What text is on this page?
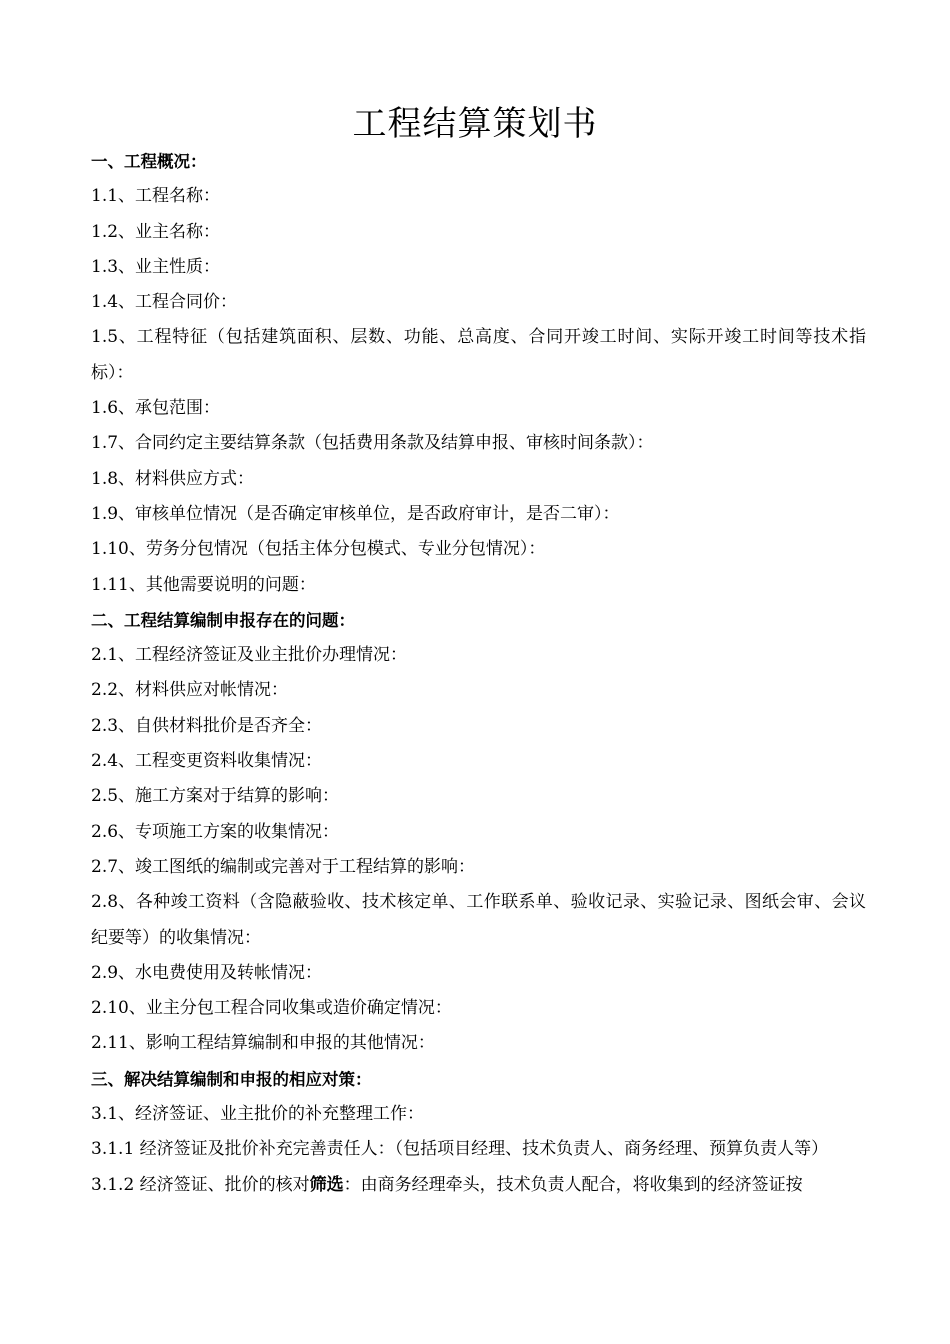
工程结算策划书

一、工程概况：

1.1、工程名称：

1.2、业主名称：

1.3、业主性质：

1.4、工程合同价：

1.5、工程特征（包括建筑面积、层数、功能、总高度、合同开竣工时间、实际开竣工时间等技术指标）：

1.6、承包范围：

1.7、合同约定主要结算条款（包括费用条款及结算申报、审核时间条款）：

1.8、材料供应方式：

1.9、审核单位情况（是否确定审核单位，是否政府审计，是否二审）：

1.10、劳务分包情况（包括主体分包模式、专业分包情况）：

1.11、其他需要说明的问题：

二、工程结算编制申报存在的问题：

2.1、工程经济签证及业主批价办理情况：

2.2、材料供应对帐情况：

2.3、自供材料批价是否齐全：

2.4、工程变更资料收集情况：

2.5、施工方案对于结算的影响：

2.6、专项施工方案的收集情况：

2.7、竣工图纸的编制或完善对于工程结算的影响：

2.8、各种竣工资料（含隐蔽验收、技术核定单、工作联系单、验收记录、实验记录、图纸会审、会议纪要等）的收集情况：

2.9、水电费使用及转帐情况：

2.10、业主分包工程合同收集或造价确定情况：

2.11、影响工程结算编制和申报的其他情况：

三、解决结算编制和申报的相应对策：

3.1、经济签证、业主批价的补充整理工作：

3.1.1 经济签证及批价补充完善责任人：（包括项目经理、技术负责人、商务经理、预算负责人等）

3.1.2 经济签证、批价的核对筛选：由商务经理牵头，技术负责人配合，将收集到的经济签证按
